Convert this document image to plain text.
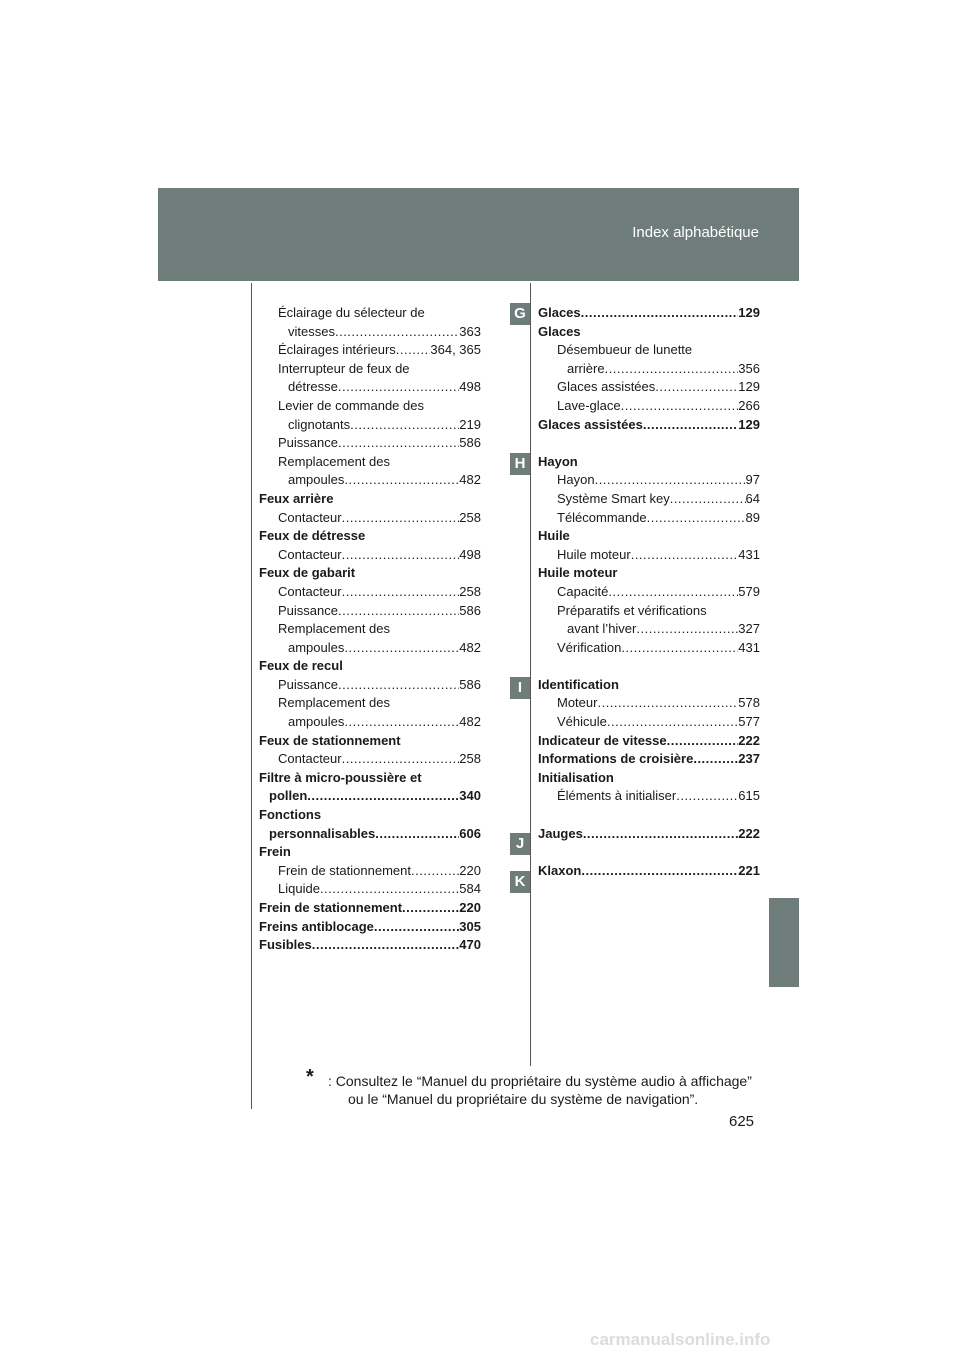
Index alphabétique
Éclairage du sélecteur de
vitesses .....	363
Éclairages intérieurs .....	364, 365
Interrupteur de feux de
détresse .....	498
Levier de commande des
clignotants .....	219
Puissance .....	586
Remplacement des
ampoules .....	482
Feux arrière
Contacteur .....	258
Feux de détresse
Contacteur .....	498
Feux de gabarit
Contacteur .....	258
Puissance .....	586
Remplacement des
ampoules .....	482
Feux de recul
Puissance .....	586
Remplacement des
ampoules .....	482
Feux de stationnement
Contacteur .....	258
Filtre à micro-poussière et
pollen .....	340
Fonctions
personnalisables .....	606
Frein
Frein de stationnement .....	220
Liquide .....	584
Frein de stationnement .....	220
Freins antiblocage .....	305
Fusibles .....	470
Glaces .....	129
Glaces
Désembueur de lunette
arrière .....	356
Glaces assistées .....	129
Lave-glace .....	266
Glaces assistées .....	129
Hayon
Hayon .....	97
Système Smart key .....	64
Télécommande .....	89
Huile
Huile moteur .....	431
Huile moteur
Capacité .....	579
Préparatifs et vérifications
avant l’hiver .....	327
Vérification .....	431
Identification
Moteur .....	578
Véhicule .....	577
Indicateur de vitesse .....	222
Informations de croisière .....	237
Initialisation
Éléments à initialiser .....	615
Jauges .....	222
Klaxon .....	221
G
H
I
J
K
* : Consultez le “Manuel du propriétaire du système audio à affichage”
ou le “Manuel du propriétaire du système de navigation”.
625
carmanualsonline.info
